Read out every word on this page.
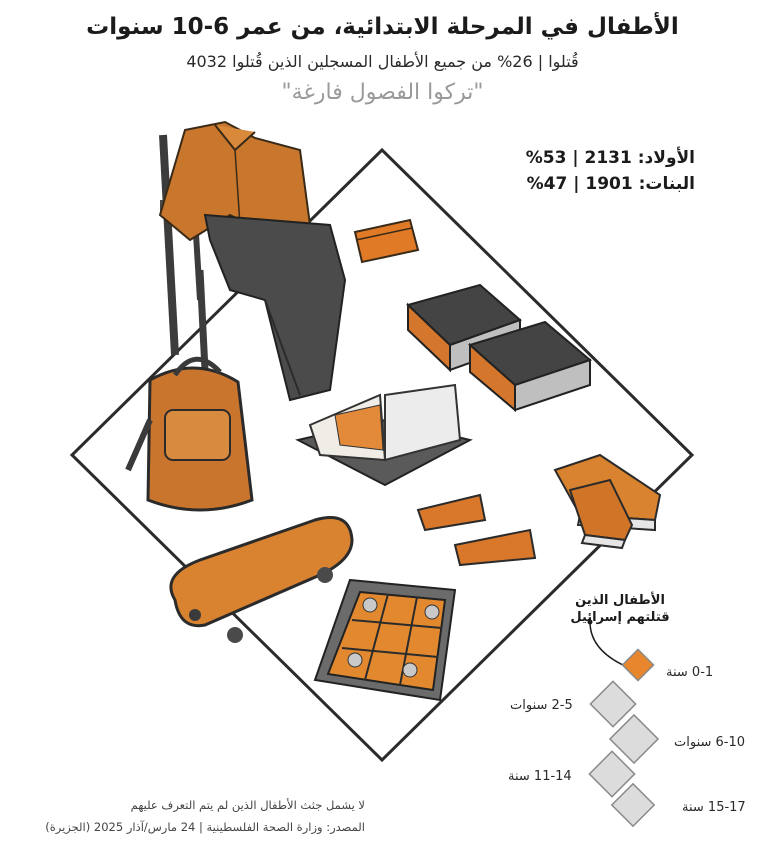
الأطفال في المرحلة الابتدائية، من عمر 6-10 سنوات
قُتلوا | 26% من جميع الأطفال المسجلين الذين قُتلوا 4032
"تركوا الفصول فارغة"
الأولاد: 2131 | 53%
البنات: 1901 | 47%
الأطفال الذين قتلتهم إسرائيل
0-1 سنة
2-5 سنوات
6-10 سنوات
11-14 سنة
15-17 سنة
لا يشمل جثث الأطفال الذين لم يتم التعرف عليهم
المصدر: وزارة الصحة الفلسطينية | 24 مارس/آذار 2025 (الجزيرة)
